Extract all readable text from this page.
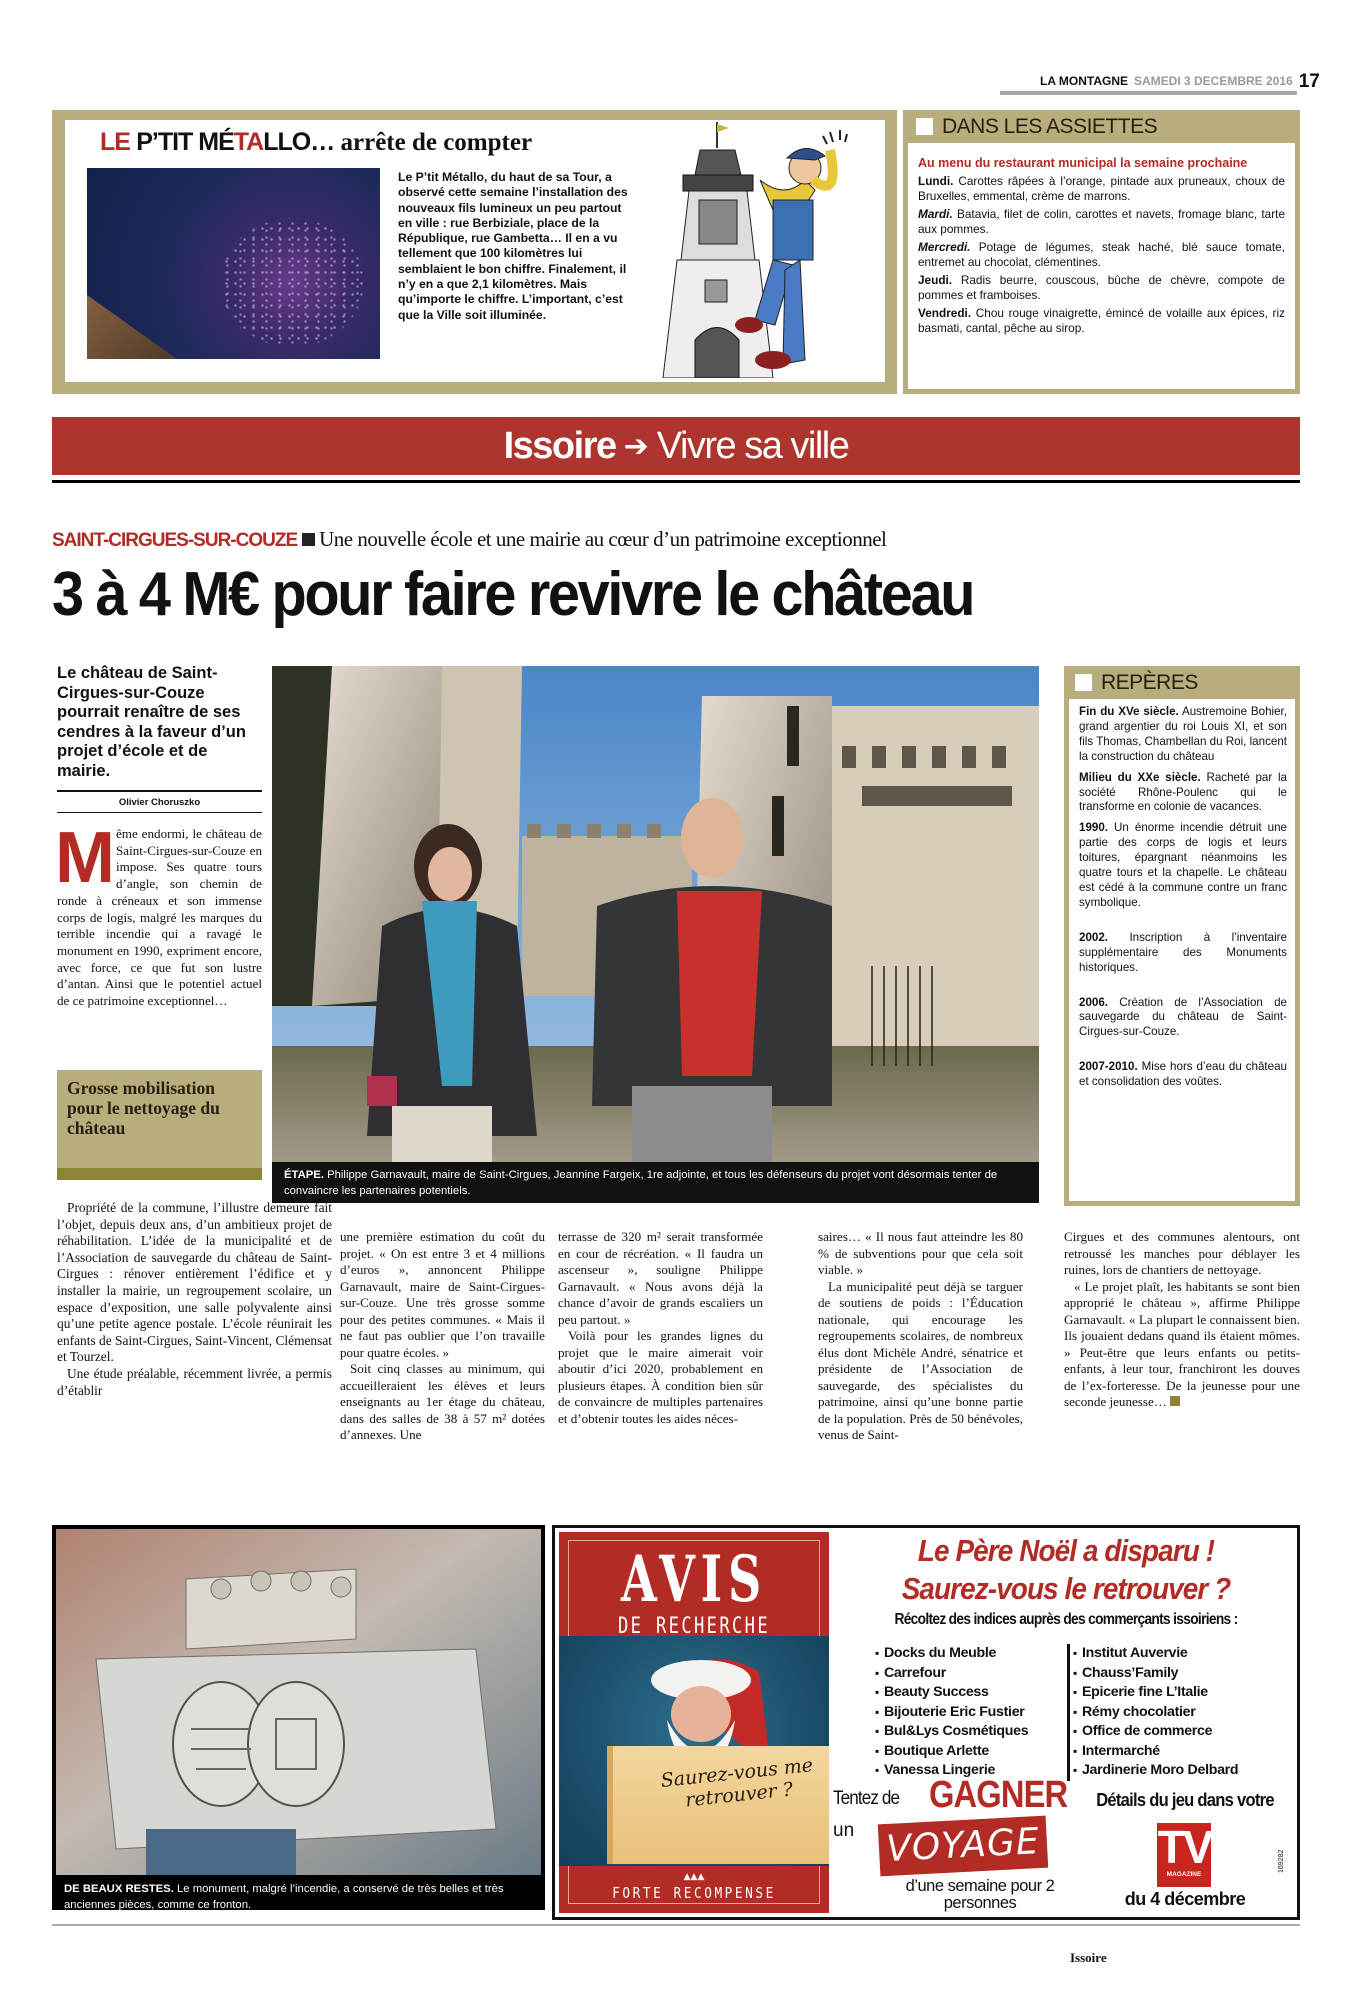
LA MONTAGNE SAMEDI 3 DECEMBRE 2016 17
LE P’TIT MÉTALLO… arrête de compter
Le P’tit Métallo, du haut de sa Tour, a observé cette semaine l’installation des nouveaux fils lumineux un peu partout en ville : rue Berbiziale, place de la République, rue Gambetta… Il en a vu tellement que 100 kilomètres lui semblaient le bon chiffre. Finalement, il n’y en a que 2,1 kilomètres. Mais qu’importe le chiffre. L’important, c’est que la Ville soit illuminée.
DANS LES ASSIETTES
Au menu du restaurant municipal la semaine prochaine

Lundi. Carottes râpées à l’orange, pintade aux pruneaux, choux de Bruxelles, emmental, crème de marrons.

Mardi. Batavia, filet de colin, carottes et navets, fromage blanc, tarte aux pommes.

Mercredi. Potage de légumes, steak haché, blé sauce tomate, entremet au chocolat, clémentines.

Jeudi. Radis beurre, couscous, bûche de chèvre, compote de pommes et framboises.

Vendredi. Chou rouge vinaigrette, émincé de volaille aux épices, riz basmati, cantal, pêche au sirop.

Issoire ➔ Vivre sa ville
SAINT-CIRGUES-SUR-COUZE Une nouvelle école et une mairie au cœur d’un patrimoine exceptionnel
3 à 4 M€ pour faire revivre le château
Le château de Saint-Cirgues-sur-Couze pourrait renaître de ses cendres à la faveur d’un projet d’école et de mairie.
Olivier Choruszko
Même endormi, le château de Saint-Cirgues-sur-Couze en impose. Ses quatre tours d’angle, son chemin de ronde à créneaux et son immense corps de logis, malgré les marques du terrible incendie qui a ravagé le monument en 1990, expriment encore, avec force, ce que fut son lustre d’antan. Ainsi que le potentiel actuel de ce patrimoine exceptionnel…
Grosse mobilisation pour le nettoyage du château
ÉTAPE. Philippe Garnavault, maire de Saint-Cirgues, Jeannine Fargeix, 1re adjointe, et tous les défenseurs du projet vont désormais tenter de convaincre les partenaires potentiels.
REPÈRES

Fin du XVe siècle. Austremoine Bohier, grand argentier du roi Louis XI, et son fils Thomas, Chambellan du Roi, lancent la construction du château

Milieu du XXe siècle. Racheté par la société Rhône-Poulenc qui le transforme en colonie de vacances.

1990. Un énorme incendie détruit une partie des corps de logis et leurs toitures, épargnant néanmoins les quatre tours et la chapelle. Le château est cédé à la commune contre un franc symbolique.

2002. Inscription à l’inventaire supplémentaire des Monuments historiques.

2006. Création de l’Association de sauvegarde du château de Saint-Cirgues-sur-Couze.

2007-2010. Mise hors d’eau du château et consolidation des voûtes.

Propriété de la commune, l’illustre demeure fait l’objet, depuis deux ans, d’un ambitieux projet de réhabilitation. L’idée de la municipalité et de l’Association de sauvegarde du château de Saint-Cirgues : rénover entièrement l’édifice et y installer la mairie, un regroupement scolaire, un espace d’exposition, une salle polyvalente ainsi qu’une petite agence postale. L’école réunirait les enfants de Saint-Cirgues, Saint-Vincent, Clémensat et Tourzel.

Une étude préalable, récemment livrée, a permis d’établir

une première estimation du coût du projet. « On est entre 3 et 4 millions d’euros », annoncent Philippe Garnavault, maire de Saint-Cirgues-sur-Couze. Une très grosse somme pour des petites communes. « Mais il ne faut pas oublier que l’on travaille pour quatre écoles. »

Soit cinq classes au minimum, qui accueilleraient les élèves et leurs enseignants au 1er étage du château, dans des salles de 38 à 57 m² dotées d’annexes. Une

terrasse de 320 m² serait transformée en cour de récréation. « Il faudra un ascenseur », souligne Philippe Garnavault. « Nous avons déjà la chance d’avoir de grands escaliers un peu partout. »

Voilà pour les grandes lignes du projet que le maire aimerait voir aboutir d’ici 2020, probablement en plusieurs étapes. À condition bien sûr de convaincre de multiples partenaires et d’obtenir toutes les aides néces-

saires… « Il nous faut atteindre les 80 % de subventions pour que cela soit viable. »

La municipalité peut déjà se targuer de soutiens de poids : l’Éducation nationale, qui encourage les regroupements scolaires, de nombreux élus dont Michèle André, sénatrice et présidente de l’Association de sauvegarde, des spécialistes du patrimoine, ainsi qu’une bonne partie de la population. Près de 50 bénévoles, venus de Saint-

Cirgues et des communes alentours, ont retroussé les manches pour déblayer les ruines, lors de chantiers de nettoyage.

« Le projet plaît, les habitants se sont bien approprié le château », affirme Philippe Garnavault. « La plupart le connaissent bien. Ils jouaient dedans quand ils étaient mômes. » Peut-être que leurs enfants ou petits-enfants, à leur tour, franchiront les douves de l’ex-forteresse. De la jeunesse pour une seconde jeunesse…

DE BEAUX RESTES. Le monument, malgré l’incendie, a conservé de très belles et très anciennes pièces, comme ce fronton.
Saurez-vous me retrouver ?
AVIS
DE RECHERCHE
▲▲▲
FORTE RECOMPENSE
Le Père Noël a disparu !
Saurez-vous le retrouver ?
Récoltez des indices auprès des commerçants issoiriens :
▪ Docks du Meuble
▪ Carrefour
▪ Beauty Success
▪ Bijouterie Eric Fustier
▪ Bul&Lys Cosmétiques
▪ Boutique Arlette
▪ Vanessa Lingerie
▪ Institut Auvervie
▪ Chauss’Family
▪ Epicerie fine L’Italie
▪ Rémy chocolatier
▪ Office de commerce
▪ Intermarché
▪ Jardinerie Moro Delbard
Tentez de GAGNER
un VOYAGE
d’une semaine pour 2 personnes
Détails du jeu dans votre
TV
MAGAZINE
du 4 décembre
169282
Issoire
